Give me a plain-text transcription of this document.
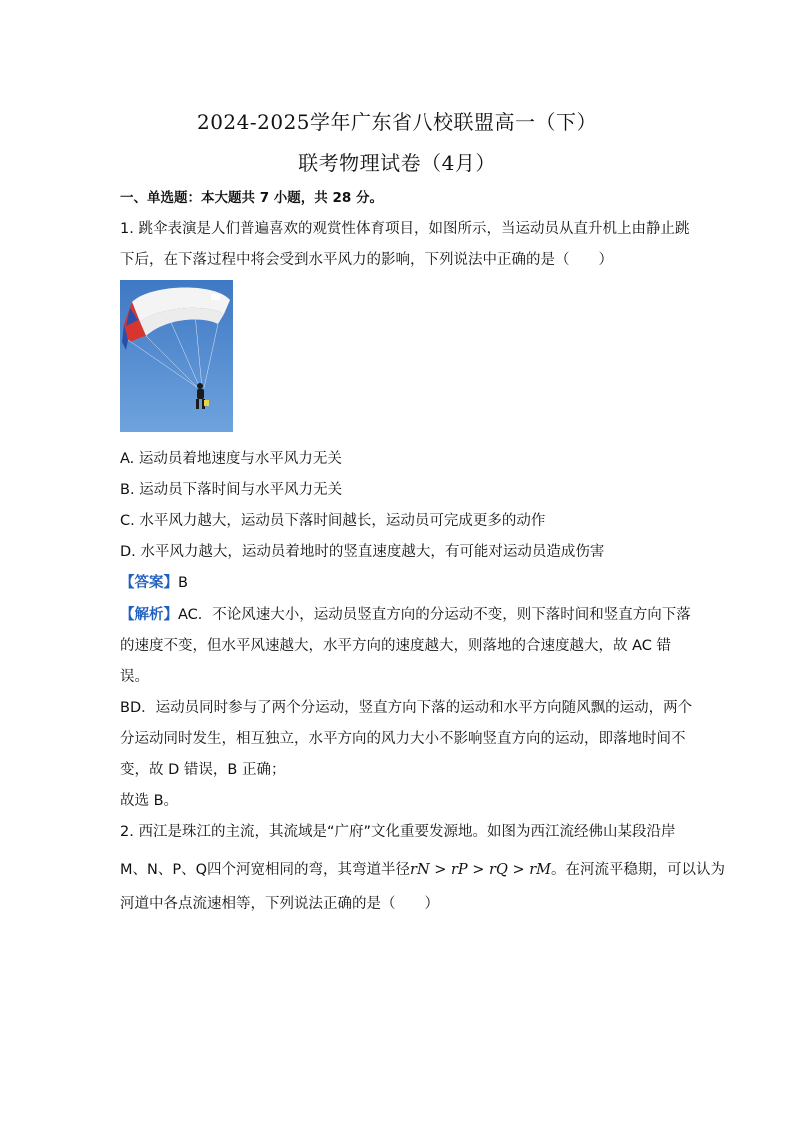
2024-2025学年广东省八校联盟高一（下）
联考物理试卷（4月）
一、单选题：本大题共 7 小题，共 28 分。
1. 跳伞表演是人们普遍喜欢的观赏性体育项目，如图所示，当运动员从直升机上由静止跳
下后，在下落过程中将会受到水平风力的影响，下列说法中正确的是（　　）
A. 运动员着地速度与水平风力无关
B. 运动员下落时间与水平风力无关
C. 水平风力越大，运动员下落时间越长，运动员可完成更多的动作
D. 水平风力越大，运动员着地时的竖直速度越大，有可能对运动员造成伤害
【答案】B
【解析】AC．不论风速大小，运动员竖直方向的分运动不变，则下落时间和竖直方向下落
的速度不变，但水平风速越大，水平方向的速度越大，则落地的合速度越大，故 AC 错
误。
BD．运动员同时参与了两个分运动，竖直方向下落的运动和水平方向随风飘的运动，两个
分运动同时发生，相互独立，水平方向的风力大小不影响竖直方向的运动，即落地时间不
变，故 D 错误，B 正确；
故选 B。
2. 西江是珠江的主流，其流域是“广府”文化重要发源地。如图为西江流经佛山某段沿岸
M、N、P、Q四个河宽相同的弯，其弯道半径rN > rP > rQ > rM。在河流平稳期，可以认为
河道中各点流速相等，下列说法正确的是（　　）
